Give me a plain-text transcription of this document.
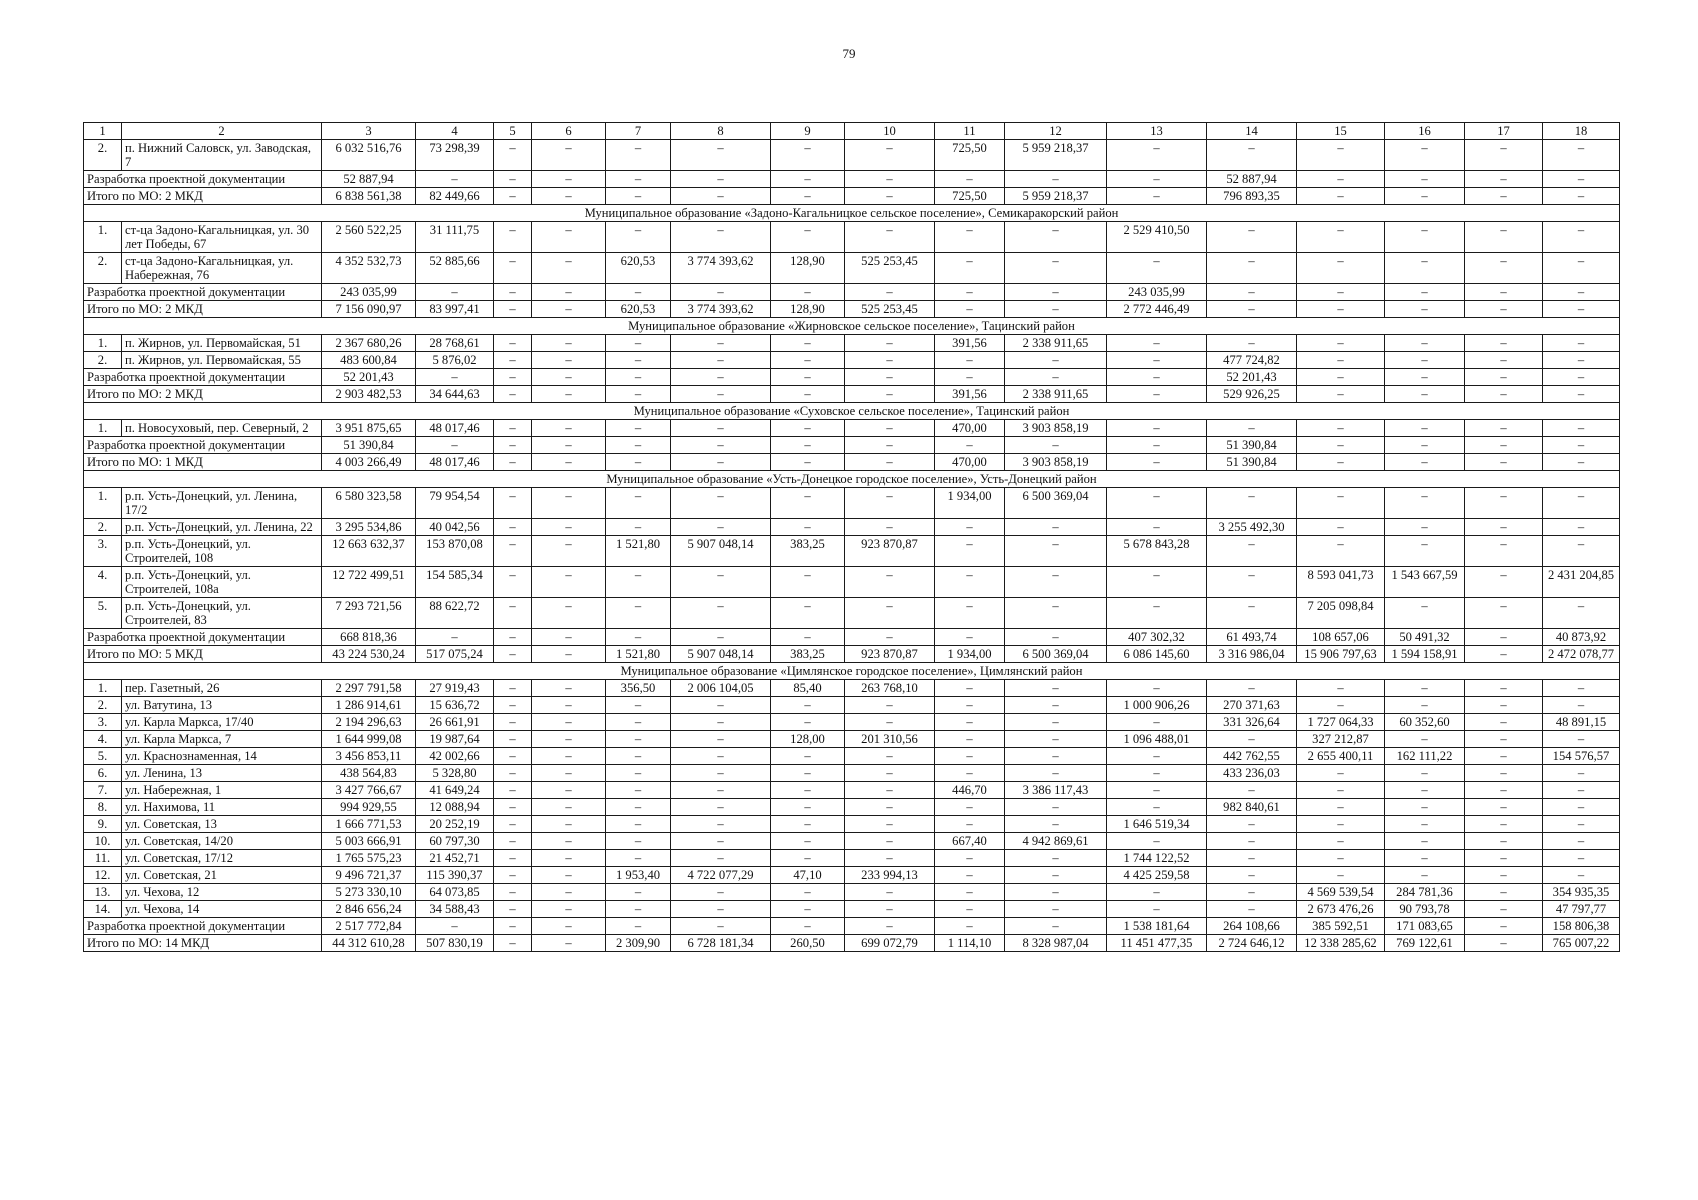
79
1	2	3	4	5	6	7	8	9	10	11	12	13	14	15	16	17	18
2.	п. Нижний Саловск, ул. Заводская, 7	6 032 516,76	73 298,39	–	–	–	–	–	–	725,50	5 959 218,37	–	–	–	–	–	–
Разработка проектной документации		52 887,94	–	–	–	–	–	–	–	–	–	–	52 887,94	–	–	–	–
Итого по МО: 2 МКД		6 838 561,38	82 449,66	–	–	–	–	–	–	725,50	5 959 218,37	–	796 893,35	–	–	–	–
Муниципальное образование «Задоно-Кагальницкое сельское поселение», Семикаракорский район																	
1.	ст-ца Задоно-Кагальницкая, ул. 30 лет Победы, 67	2 560 522,25	31 111,75	–	–	–	–	–	–	–	–	2 529 410,50	–	–	–	–	–
2.	ст-ца Задоно-Кагальницкая, ул. Набережная, 76	4 352 532,73	52 885,66	–	–	620,53	3 774 393,62	128,90	525 253,45	–	–	–	–	–	–	–	–
Разработка проектной документации		243 035,99	–	–	–	–	–	–	–	–	–	243 035,99	–	–	–	–	–
Итого по МО: 2 МКД		7 156 090,97	83 997,41	–	–	620,53	3 774 393,62	128,90	525 253,45	–	–	2 772 446,49	–	–	–	–	–
Муниципальное образование «Жирновское сельское поселение», Тацинский район																	
1.	п. Жирнов, ул. Первомайская, 51	2 367 680,26	28 768,61	–	–	–	–	–	–	391,56	2 338 911,65	–	–	–	–	–	–
2.	п. Жирнов, ул. Первомайская, 55	483 600,84	5 876,02	–	–	–	–	–	–	–	–	–	477 724,82	–	–	–	–
Разработка проектной документации		52 201,43	–	–	–	–	–	–	–	–	–	–	52 201,43	–	–	–	–
Итого по МО: 2 МКД		2 903 482,53	34 644,63	–	–	–	–	–	–	391,56	2 338 911,65	–	529 926,25	–	–	–	–
Муниципальное образование «Суховское сельское поселение», Тацинский район																	
1.	п. Новосуховый, пер. Северный, 2	3 951 875,65	48 017,46	–	–	–	–	–	–	470,00	3 903 858,19	–	–	–	–	–	–
Разработка проектной документации		51 390,84	–	–	–	–	–	–	–	–	–	–	51 390,84	–	–	–	–
Итого по МО: 1 МКД		4 003 266,49	48 017,46	–	–	–	–	–	–	470,00	3 903 858,19	–	51 390,84	–	–	–	–
Муниципальное образование «Усть-Донецкое городское поселение», Усть-Донецкий район																	
1.	р.п. Усть-Донецкий, ул. Ленина, 17/2	6 580 323,58	79 954,54	–	–	–	–	–	–	1 934,00	6 500 369,04	–	–	–	–	–	–
2.	р.п. Усть-Донецкий, ул. Ленина, 22	3 295 534,86	40 042,56	–	–	–	–	–	–	–	–	–	3 255 492,30	–	–	–	–
3.	р.п. Усть-Донецкий, ул. Строителей, 108	12 663 632,37	153 870,08	–	–	1 521,80	5 907 048,14	383,25	923 870,87	–	–	5 678 843,28	–	–	–	–	–
4.	р.п. Усть-Донецкий, ул. Строителей, 108а	12 722 499,51	154 585,34	–	–	–	–	–	–	–	–	–	–	8 593 041,73	1 543 667,59	–	2 431 204,85
5.	р.п. Усть-Донецкий, ул. Строителей, 83	7 293 721,56	88 622,72	–	–	–	–	–	–	–	–	–	–	7 205 098,84	–	–	–
Разработка проектной документации		668 818,36	–	–	–	–	–	–	–	–	–	407 302,32	61 493,74	108 657,06	50 491,32	–	40 873,92
Итого по МО: 5 МКД		43 224 530,24	517 075,24	–	–	1 521,80	5 907 048,14	383,25	923 870,87	1 934,00	6 500 369,04	6 086 145,60	3 316 986,04	15 906 797,63	1 594 158,91	–	2 472 078,77
Муниципальное образование «Цимлянское городское поселение», Цимлянский район																	
1.	пер. Газетный, 26	2 297 791,58	27 919,43	–	–	356,50	2 006 104,05	85,40	263 768,10	–	–	–	–	–	–	–	–
2.	ул. Ватутина, 13	1 286 914,61	15 636,72	–	–	–	–	–	–	–	–	1 000 906,26	270 371,63	–	–	–	–
3.	ул. Карла Маркса, 17/40	2 194 296,63	26 661,91	–	–	–	–	–	–	–	–	–	331 326,64	1 727 064,33	60 352,60	–	48 891,15
4.	ул. Карла Маркса, 7	1 644 999,08	19 987,64	–	–	–	–	128,00	201 310,56	–	–	1 096 488,01	–	327 212,87	–	–	–
5.	ул. Краснознаменная, 14	3 456 853,11	42 002,66	–	–	–	–	–	–	–	–	–	442 762,55	2 655 400,11	162 111,22	–	154 576,57
6.	ул. Ленина, 13	438 564,83	5 328,80	–	–	–	–	–	–	–	–	–	433 236,03	–	–	–	–
7.	ул. Набережная, 1	3 427 766,67	41 649,24	–	–	–	–	–	–	446,70	3 386 117,43	–	–	–	–	–	–
8.	ул. Нахимова, 11	994 929,55	12 088,94	–	–	–	–	–	–	–	–	–	982 840,61	–	–	–	–
9.	ул. Советская, 13	1 666 771,53	20 252,19	–	–	–	–	–	–	–	–	1 646 519,34	–	–	–	–	–
10.	ул. Советская, 14/20	5 003 666,91	60 797,30	–	–	–	–	–	–	667,40	4 942 869,61	–	–	–	–	–	–
11.	ул. Советская, 17/12	1 765 575,23	21 452,71	–	–	–	–	–	–	–	–	1 744 122,52	–	–	–	–	–
12.	ул. Советская, 21	9 496 721,37	115 390,37	–	–	1 953,40	4 722 077,29	47,10	233 994,13	–	–	4 425 259,58	–	–	–	–	–
13.	ул. Чехова, 12	5 273 330,10	64 073,85	–	–	–	–	–	–	–	–	–	–	4 569 539,54	284 781,36	–	354 935,35
14.	ул. Чехова, 14	2 846 656,24	34 588,43	–	–	–	–	–	–	–	–	–	–	2 673 476,26	90 793,78	–	47 797,77
Разработка проектной документации		2 517 772,84	–	–	–	–	–	–	–	–	–	1 538 181,64	264 108,66	385 592,51	171 083,65	–	158 806,38
Итого по МО: 14 МКД		44 312 610,28	507 830,19	–	–	2 309,90	6 728 181,34	260,50	699 072,79	1 114,10	8 328 987,04	11 451 477,35	2 724 646,12	12 338 285,62	769 122,61	–	765 007,22
